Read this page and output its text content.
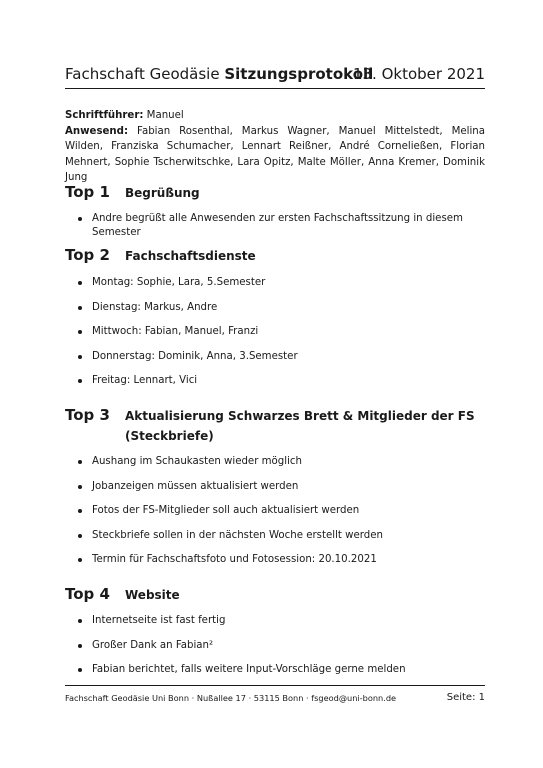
Fachschaft Geodäsie Sitzungsprotokoll
13. Oktober 2021
Schriftführer: Manuel
Anwesend: Fabian Rosenthal, Markus Wagner, Manuel Mittelstedt, Melina Wilden, Franziska Schumacher, Lennart Reißner, André Corneließen, Florian Mehnert, Sophie Tscherwitschke, Lara Opitz, Malte Möller, Anna Kremer, Dominik Jung
Top 1 Begrüßung
Andre begrüßt alle Anwesenden zur ersten Fachschaftssitzung in diesem Semester
Top 2 Fachschaftsdienste
Montag: Sophie, Lara, 5.Semester
Dienstag: Markus, Andre
Mittwoch: Fabian, Manuel, Franzi
Donnerstag: Dominik, Anna, 3.Semester
Freitag: Lennart, Vici
Top 3 Aktualisierung Schwarzes Brett & Mitglieder der FS (Steckbriefe)
Aushang im Schaukasten wieder möglich
Jobanzeigen müssen aktualisiert werden
Fotos der FS-Mitglieder soll auch aktualisiert werden
Steckbriefe sollen in der nächsten Woche erstellt werden
Termin für Fachschaftsfoto und Fotosession: 20.10.2021
Top 4 Website
Internetseite ist fast fertig
Großer Dank an Fabian²
Fabian berichtet, falls weitere Input-Vorschläge gerne melden
Fachschaft Geodäsie Uni Bonn · Nußallee 17 · 53115 Bonn · fsgeod@uni-bonn.de	Seite: 1
